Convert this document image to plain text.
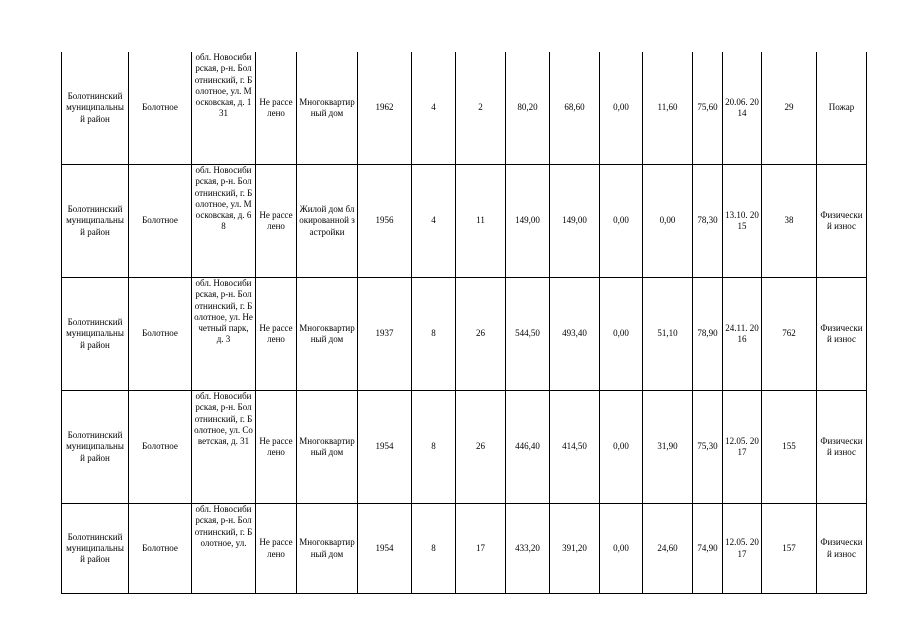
Болотнинский муниципальный район	Болотное	обл. Новосибирская, р-н. Болотнинский, г. Болотное, ул. Московская, д. 131	Не расселено	Многоквартирный дом	1962	4	2	80,20	68,60	0,00	11,60	75,60	20.06. 2014	29	Пожар
Болотнинский муниципальный район	Болотное	обл. Новосибирская, р-н. Болотнинский, г. Болотное, ул. Московская, д. 68	Не расселено	Жилой дом блокированной застройки	1956	4	11	149,00	149,00	0,00	0,00	78,30	13.10. 2015	38	Физический износ
Болотнинский муниципальный район	Болотное	обл. Новосибирская, р-н. Болотнинский, г. Болотное, ул. Нечетный парк, д. 3	Не расселено	Многоквартирный дом	1937	8	26	544,50	493,40	0,00	51,10	78,90	24.11. 2016	762	Физический износ
Болотнинский муниципальный район	Болотное	обл. Новосибирская, р-н. Болотнинский, г. Болотное, ул. Советская, д. 31	Не расселено	Многоквартирный дом	1954	8	26	446,40	414,50	0,00	31,90	75,30	12.05. 2017	155	Физический износ
Болотнинский муниципальный район	Болотное	обл. Новосибирская, р-н. Болотнинский, г. Болотное, ул.	Не расселено	Многоквартирный дом	1954	8	17	433,20	391,20	0,00	24,60	74,90	12.05. 2017	157	Физический износ
